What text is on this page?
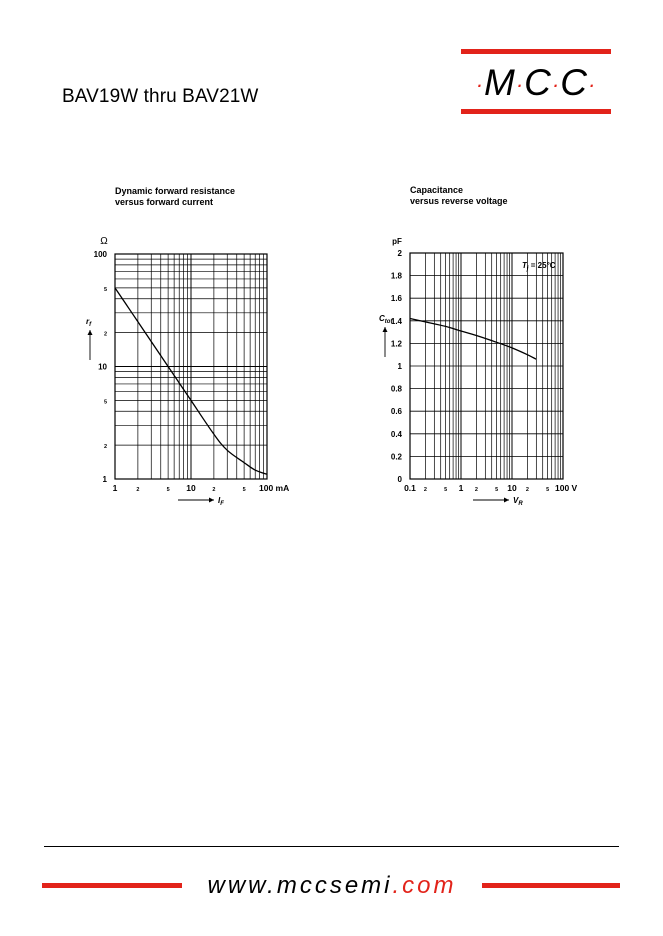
BAV19W thru BAV21W	·M·C·C·
Dynamic forward resistance
versus forward current
1	2	5 10	2	5 100 mA
1
2
5
10
2
5
100
Ω
$r_f$
$I_F$
Capacitance
versus reverse voltage
0.1 2	5 1 2	5 10 2	5 100 V
0
0.2
0.4
0.6
0.8
1
1.2
1.4
1.6
1.8
2
pF
$C_{tot}$
$V_R$
$T_j = 25^\circ C$
www.mccsemi.com
